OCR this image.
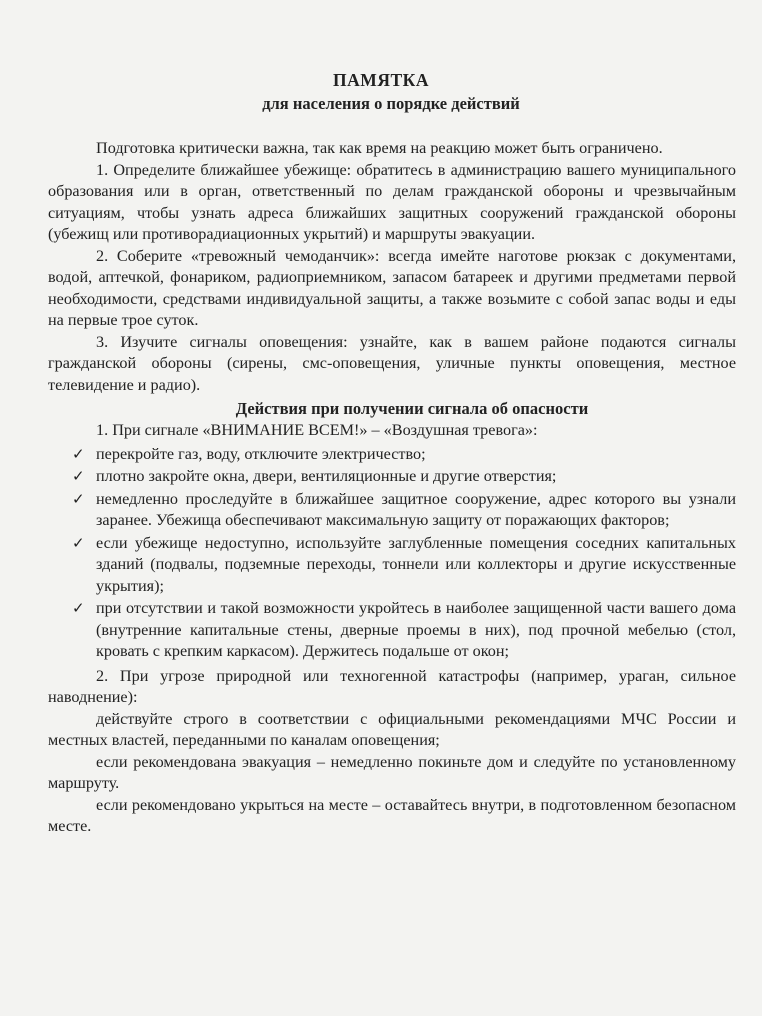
ПАМЯТКА
для населения о порядке действий

Подготовка критически важна, так как время на реакцию может быть ограничено.

1. Определите ближайшее убежище: обратитесь в администрацию вашего муниципального образования или в орган, ответственный по делам гражданской обороны и чрезвычайным ситуациям, чтобы узнать адреса ближайших защитных сооружений гражданской обороны (убежищ или противорадиационных укрытий) и маршруты эвакуации.

2. Соберите «тревожный чемоданчик»: всегда имейте наготове рюкзак с документами, водой, аптечкой, фонариком, радиоприемником, запасом батареек и другими предметами первой необходимости, средствами индивидуальной защиты, а также возьмите с собой запас воды и еды на первые трое суток.

3. Изучите сигналы оповещения: узнайте, как в вашем районе подаются сигналы гражданской обороны (сирены, смс-оповещения, уличные пункты оповещения, местное телевидение и радио).

Действия при получении сигнала об опасности
1. При сигнале «ВНИМАНИЕ ВСЕМ!» – «Воздушная тревога»:
✓ перекройте газ, воду, отключите электричество;
✓ плотно закройте окна, двери, вентиляционные и другие отверстия;
✓ немедленно проследуйте в ближайшее защитное сооружение, адрес которого вы узнали заранее. Убежища обеспечивают максимальную защиту от поражающих факторов;
✓ если убежище недоступно, используйте заглубленные помещения соседних капитальных зданий (подвалы, подземные переходы, тоннели или коллекторы и другие искусственные укрытия);
✓ при отсутствии и такой возможности укройтесь в наиболее защищенной части вашего дома (внутренние капитальные стены, дверные проемы в них), под прочной мебелью (стол, кровать с крепким каркасом). Держитесь подальше от окон;

2. При угрозе природной или техногенной катастрофы (например, ураган, сильное наводнение):

действуйте строго в соответствии с официальными рекомендациями МЧС России и местных властей, переданными по каналам оповещения;

если рекомендована эвакуация – немедленно покиньте дом и следуйте по установленному маршруту.

если рекомендовано укрыться на месте – оставайтесь внутри, в подготовленном безопасном месте.
